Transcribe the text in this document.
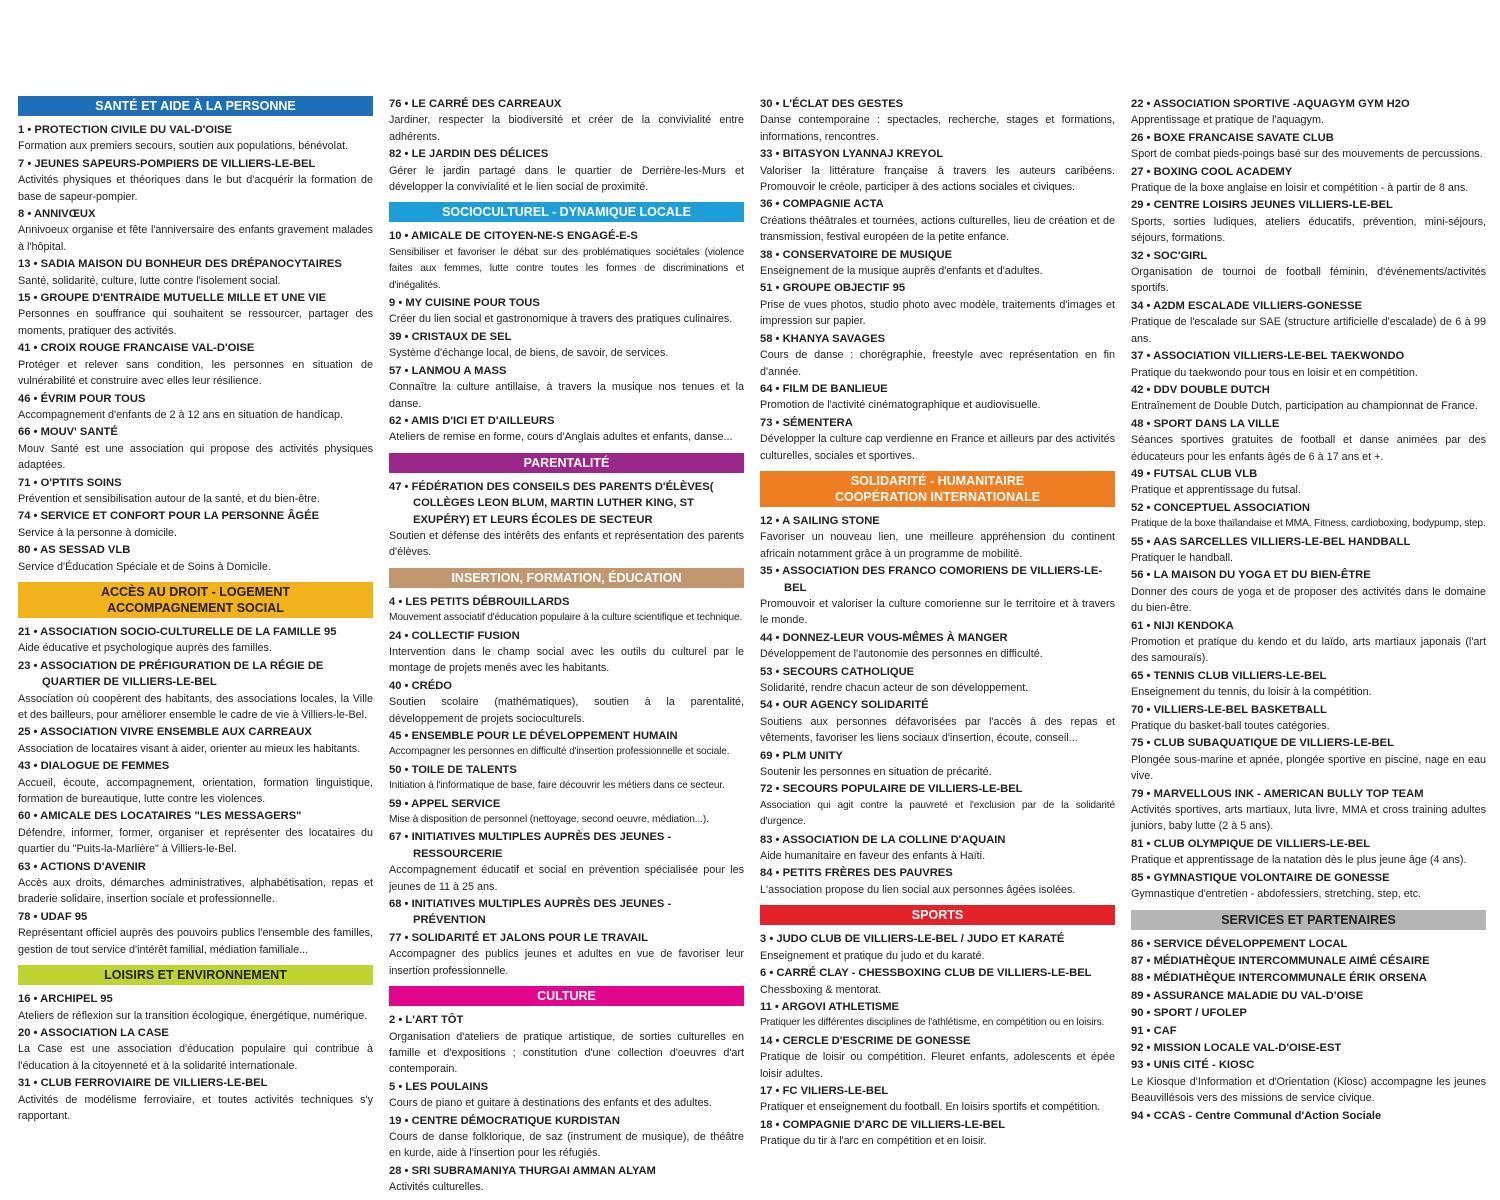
SANTÉ ET AIDE À LA PERSONNE
1 • PROTECTION CIVILE DU VAL-D'OISE
Formation aux premiers secours, soutien aux populations, bénévolat.
7 • JEUNES SAPEURS-POMPIERS DE VILLIERS-LE-BEL
Activités physiques et théoriques dans le but d'acquérir la formation de base de sapeur-pompier.
8 • ANNIVŒUX
Annivoeux organise et fête l'anniversaire des enfants gravement malades à l'hôpital.
13 • SADIA MAISON DU BONHEUR DES DRÉPANOCYTAIRES
Santé, solidarité, culture, lutte contre l'isolement social.
15 • GROUPE D'ENTRAIDE MUTUELLE MILLE ET UNE VIE
Personnes en souffrance qui souhaitent se ressourcer, partager des moments, pratiquer des activités.
41 • CROIX ROUGE FRANCAISE VAL-D'OISE
Protéger et relever sans condition, les personnes en situation de vulnérabilité et construire avec elles leur résilience.
46 • ÉVRIM POUR TOUS
Accompagnement d'enfants de 2 à 12 ans en situation de handicap.
66 • MOUV' SANTÉ
Mouv Santé est une association qui propose des activités physiques adaptées.
71 • O'PTITS SOINS
Prévention et sensibilisation autour de la santé, et du bien-être.
74 • SERVICE ET CONFORT POUR LA PERSONNE ÂGÉE
Service à la personne à domicile.
80 • AS SESSAD VLB
Service d'Éducation Spéciale et de Soins à Domicile.
ACCÈS AU DROIT - LOGEMENT
ACCOMPAGNEMENT SOCIAL
21 • ASSOCIATION SOCIO-CULTURELLE DE LA FAMILLE 95
Aide éducative et psychologique auprès des familles.
23 • ASSOCIATION DE PRÉFIGURATION DE LA RÉGIE DE QUARTIER DE VILLIERS-LE-BEL
Association où coopèrent des habitants, des associations locales, la Ville et des bailleurs, pour améliorer ensemble le cadre de vie à Villiers-le-Bel.
25 • ASSOCIATION VIVRE ENSEMBLE AUX CARREAUX
Association de locataires visant à aider, orienter au mieux les habitants.
43 • DIALOGUE DE FEMMES
Accueil, écoute, accompagnement, orientation, formation linguistique, formation de bureautique, lutte contre les violences.
60 • AMICALE DES LOCATAIRES "LES MESSAGERS"
Défendre, informer, former, organiser et représenter des locataires du quartier du "Puits-la-Marlière" à Villiers-le-Bel.
63 • ACTIONS D'AVENIR
Accès aux droits, démarches administratives, alphabétisation, repas et braderie solidaire, insertion sociale et professionnelle.
78 • UDAF 95
Représentant officiel auprès des pouvoirs publics l'ensemble des familles, gestion de tout service d'intérêt familial, médiation familiale...
LOISIRS ET ENVIRONNEMENT
16 • ARCHIPEL 95
Ateliers de réflexion sur la transition écologique, énergétique, numérique.
20 • ASSOCIATION LA CASE
La Case est une association d'éducation populaire qui contribue à l'éducation à la citoyenneté et à la solidarité internationale.
31 • CLUB FERROVIAIRE DE VILLIERS-LE-BEL
Activités de modélisme ferroviaire, et toutes activités techniques s'y rapportant.
76 • LE CARRÉ DES CARREAUX
Jardiner, respecter la biodiversité et créer de la convivialité entre adhérents.
82 • LE JARDIN DES DÉLICES
Gérer le jardin partagé dans le quartier de Derrière-les-Murs et développer la convivialité et le lien social de proximité.
SOCIOCULTUREL - DYNAMIQUE LOCALE
10 • AMICALE DE CITOYEN-NE-S ENGAGÉ-E-S
Sensibiliser et favoriser le débat sur des problématiques sociétales (violence faites aux femmes, lutte contre toutes les formes de discriminations et d'inégalités.
9 • MY CUISINE POUR TOUS
Créer du lien social et gastronomique à travers des pratiques culinaires.
39 • CRISTAUX DE SEL
Système d'échange local, de biens, de savoir, de services.
57 • LANMOU A MASS
Connaître la culture antillaise, à travers la musique nos tenues et la danse.
62 • AMIS D'ICI ET D'AILLEURS
Ateliers de remise en forme, cours d'Anglais adultes et enfants, danse...
PARENTALITÉ
47 • FÉDÉRATION DES CONSEILS DES PARENTS D'ÉLÈVES( COLLÈGES LEON BLUM, MARTIN LUTHER KING, ST EXUPÉRY) ET LEURS ÉCOLES DE SECTEUR
Soutien et défense des intérêts des enfants et représentation des parents d'élèves.
INSERTION, FORMATION, ÉDUCATION
4 • LES PETITS DÉBROUILLARDS
Mouvement associatif d'éducation populaire à la culture scientifique et technique.
24 • COLLECTIF FUSION
Intervention dans le champ social avec les outils du culturel par le montage de projets menés avec les habitants.
40 • CRÉDO
Soutien scolaire (mathématiques), soutien à la parentalité, développement de projets socioculturels.
45 • ENSEMBLE POUR LE DÉVELOPPEMENT HUMAIN
Accompagner les personnes en difficulté d'insertion professionnelle et sociale.
50 • TOILE DE TALENTS
Initiation à l'informatique de base, faire découvrir les métiers dans ce secteur.
59 • APPEL SERVICE
Mise à disposition de personnel (nettoyage, second oeuvre, médiation...).
67 • INITIATIVES MULTIPLES AUPRÈS DES JEUNES - RESSOURCERIE
Accompagnement éducatif et social en prévention spécialisée pour les jeunes de 11 à 25 ans.
68 • INITIATIVES MULTIPLES AUPRÈS DES JEUNES - PRÉVENTION
77 • SOLIDARITÉ ET JALONS POUR LE TRAVAIL
Accompagner des publics jeunes et adultes en vue de favoriser leur insertion professionnelle.
CULTURE
2 • L'ART TÔT
Organisation d'ateliers de pratique artistique, de sorties culturelles en famille et d'expositions ; constitution d'une collection d'oeuvres d'art contemporain.
5 • LES POULAINS
Cours de piano et guitare à destinations des enfants et des adultes.
19 • CENTRE DÉMOCRATIQUE KURDISTAN
Cours de danse folklorique, de saz (instrument de musique), de théâtre en kurde, aide à l'insertion pour les réfugiés.
28 • SRI SUBRAMANIYA THURGAI AMMAN ALYAM
Activités culturelles.
30 • L'ÉCLAT DES GESTES
Danse contemporaine : spectacles, recherche, stages et formations, informations, rencontres.
33 • BITASYON LYANNAJ KREYOL
Valoriser la littérature française à travers les auteurs caribéens. Promouvoir le créole, participer à des actions sociales et civiques.
36 • COMPAGNIE ACTA
Créations théâtrales et tournées, actions culturelles, lieu de création et de transmission, festival européen de la petite enfance.
38 • CONSERVATOIRE DE MUSIQUE
Enseignement de la musique auprès d'enfants et d'adultes.
51 • GROUPE OBJECTIF 95
Prise de vues photos, studio photo avec modèle, traitements d'images et impression sur papier.
58 • KHANYA SAVAGES
Cours de danse : chorégraphie, freestyle avec représentation en fin d'année.
64 • FILM DE BANLIEUE
Promotion de l'activité cinématographique et audiovisuelle.
73 • SÉMENTERA
Développer la culture cap verdienne en France et ailleurs par des activités culturelles, sociales et sportives.
SOLIDARITÉ - HUMANITAIRE
COOPÉRATION INTERNATIONALE
12 • A SAILING STONE
Favoriser un nouveau lien, une meilleure appréhension du continent africain notamment grâce à un programme de mobilité.
35 • ASSOCIATION DES FRANCO COMORIENS DE VILLIERS-LE-BEL
Promouvoir et valoriser la culture comorienne sur le territoire et à travers le monde.
44 • DONNEZ-LEUR VOUS-MÊMES À MANGER
Développement de l'autonomie des personnes en difficulté.
53 • SECOURS CATHOLIQUE
Solidarité, rendre chacun acteur de son développement.
54 • OUR AGENCY SOLIDARITÉ
Soutiens aux personnes défavorisées par l'accès à des repas et vêtements, favoriser les liens sociaux d'insertion, écoute, conseil...
69 • PLM UNITY
Soutenir les personnes en situation de précarité.
72 • SECOURS POPULAIRE DE VILLIERS-LE-BEL
Association qui agit contre la pauvreté et l'exclusion par de la solidarité d'urgence.
83 • ASSOCIATION DE LA COLLINE D'AQUAIN
Aide humanitaire en faveur des enfants à Haïti.
84 • PETITS FRÈRES DES PAUVRES
L'association propose du lien social aux personnes âgées isolées.
SPORTS
3 • JUDO CLUB DE VILLIERS-LE-BEL / JUDO ET KARATÉ
Enseignement et pratique du judo et du karaté.
6 • CARRÉ CLAY - CHESSBOXING CLUB DE VILLIERS-LE-BEL
Chessboxing & mentorat.
11 • ARGOVI ATHLETISME
Pratiquer les différentes disciplines de l'athlétisme, en compétition ou en loisirs.
14 • CERCLE D'ESCRIME DE GONESSE
Pratique de loisir ou compétition. Fleuret enfants, adolescents et épée loisir adultes.
17 • FC VILIERS-LE-BEL
Pratiquer et enseignement du football. En loisirs sportifs et compétition.
18 • COMPAGNIE D'ARC DE VILLIERS-LE-BEL
Pratique du tir à l'arc en compétition et en loisir.
22 • ASSOCIATION SPORTIVE -AQUAGYM GYM H2O
Apprentissage et pratique de l'aquagym.
26 • BOXE FRANCAISE SAVATE CLUB
Sport de combat pieds-poings basé sur des mouvements de percussions.
27 • BOXING COOL ACADEMY
Pratique de la boxe anglaise en loisir et compétition - à partir de 8 ans.
29 • CENTRE LOISIRS JEUNES VILLIERS-LE-BEL
Sports, sorties ludiques, ateliers éducatifs, prévention, mini-séjours, séjours, formations.
32 • SOC'GIRL
Organisation de tournoi de football féminin, d'événements/activités sportifs.
34 • A2DM ESCALADE VILLIERS-GONESSE
Pratique de l'escalade sur SAE (structure artificielle d'escalade) de 6 à 99 ans.
37 • ASSOCIATION VILLIERS-LE-BEL TAEKWONDO
Pratique du taekwondo pour tous en loisir et en compétition.
42 • DDV DOUBLE DUTCH
Entraînement de Double Dutch, participation au championnat de France.
48 • SPORT DANS LA VILLE
Séances sportives gratuites de football et danse animées par des éducateurs pour les enfants âgés de 6 à 17 ans et +.
49 • FUTSAL CLUB VLB
Pratique et apprentissage du futsal.
52 • CONCEPTUEL ASSOCIATION
Pratique de la boxe thaïlandaise et MMA. Fitness, cardioboxing, bodypump, step.
55 • AAS SARCELLES VILLIERS-LE-BEL HANDBALL
Pratiquer le handball.
56 • LA MAISON DU YOGA ET DU BIEN-ÊTRE
Donner des cours de yoga et de proposer des activités dans le domaine du bien-être.
61 • NIJI KENDOKA
Promotion et pratique du kendo et du laïdo, arts martiaux japonais (l'art des samouraïs).
65 • TENNIS CLUB VILLIERS-LE-BEL
Enseignement du tennis, du loisir à la compétition.
70 • VILLIERS-LE-BEL BASKETBALL
Pratique du basket-ball toutes catégories.
75 • CLUB SUBAQUATIQUE DE VILLIERS-LE-BEL
Plongée sous-marine et apnée, plongée sportive en piscine, nage en eau vive.
79 • MARVELLOUS INK - AMERICAN BULLY TOP TEAM
Activités sportives, arts martiaux, luta livre, MMA et cross training adultes juniors, baby lutte (2 à 5 ans).
81 • CLUB OLYMPIQUE DE VILLIERS-LE-BEL
Pratique et apprentissage de la natation dès le plus jeune âge (4 ans).
85 • GYMNASTIQUE VOLONTAIRE DE GONESSE
Gymnastique d'entretien - abdofessiers, stretching, step, etc.
SERVICES ET PARTENAIRES
86 • SERVICE DÉVELOPPEMENT LOCAL
87 • MÉDIATHÈQUE INTERCOMMUNALE AIMÉ CÉSAIRE
88 • MÉDIATHÈQUE INTERCOMMUNALE ÉRIK ORSENA
89 • ASSURANCE MALADIE DU VAL-D'OISE
90 • SPORT / UFOLEP
91 • CAF
92 • MISSION LOCALE VAL-D'OISE-EST
93 • UNIS CITÉ - KIOSC
Le Kiosque d'Information et d'Orientation (Kiosc) accompagne les jeunes Beauvillésois vers des missions de service civique.
94 • CCAS - Centre Communal d'Action Sociale
